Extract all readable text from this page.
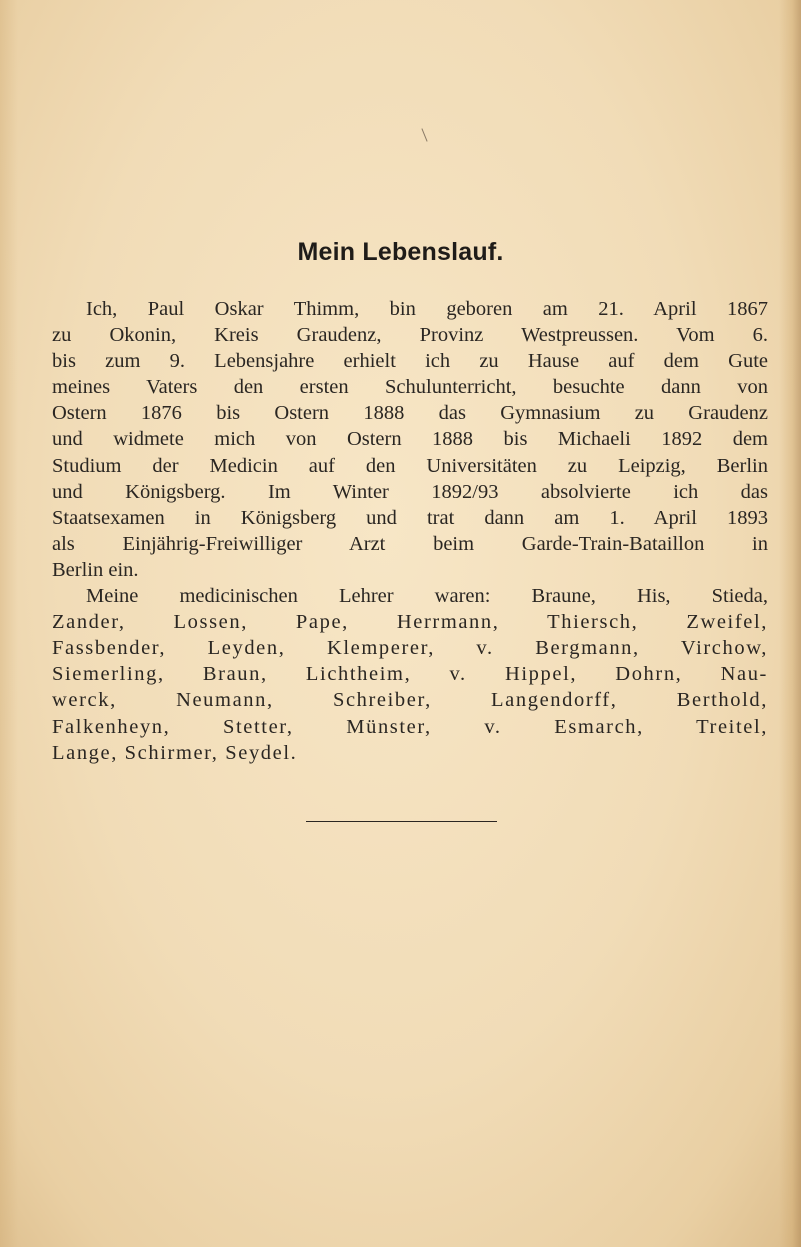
Mein Lebenslauf.
Ich, Paul Oskar Thimm, bin geboren am 21. April 1867
zu Okonin, Kreis Graudenz, Provinz Westpreussen. Vom 6.
bis zum 9. Lebensjahre erhielt ich zu Hause auf dem Gute
meines Vaters den ersten Schulunterricht, besuchte dann von
Ostern 1876 bis Ostern 1888 das Gymnasium zu Graudenz
und widmete mich von Ostern 1888 bis Michaeli 1892 dem
Studium der Medicin auf den Universitäten zu Leipzig, Berlin
und Königsberg. Im Winter 1892/93 absolvierte ich das
Staatsexamen in Königsberg und trat dann am 1. April 1893
als Einjährig-Freiwilliger Arzt beim Garde-Train-Bataillon in
Berlin ein.
Meine medicinischen Lehrer waren: Braune, His, Stieda,
Zander, Lossen, Pape, Herrmann, Thiersch, Zweifel,
Fassbender, Leyden, Klemperer, v. Bergmann, Virchow,
Siemerling, Braun, Lichtheim, v. Hippel, Dohrn, Nau-
werck, Neumann, Schreiber, Langendorff, Berthold,
Falkenheyn, Stetter, Münster, v. Esmarch, Treitel,
Lange, Schirmer, Seydel.
